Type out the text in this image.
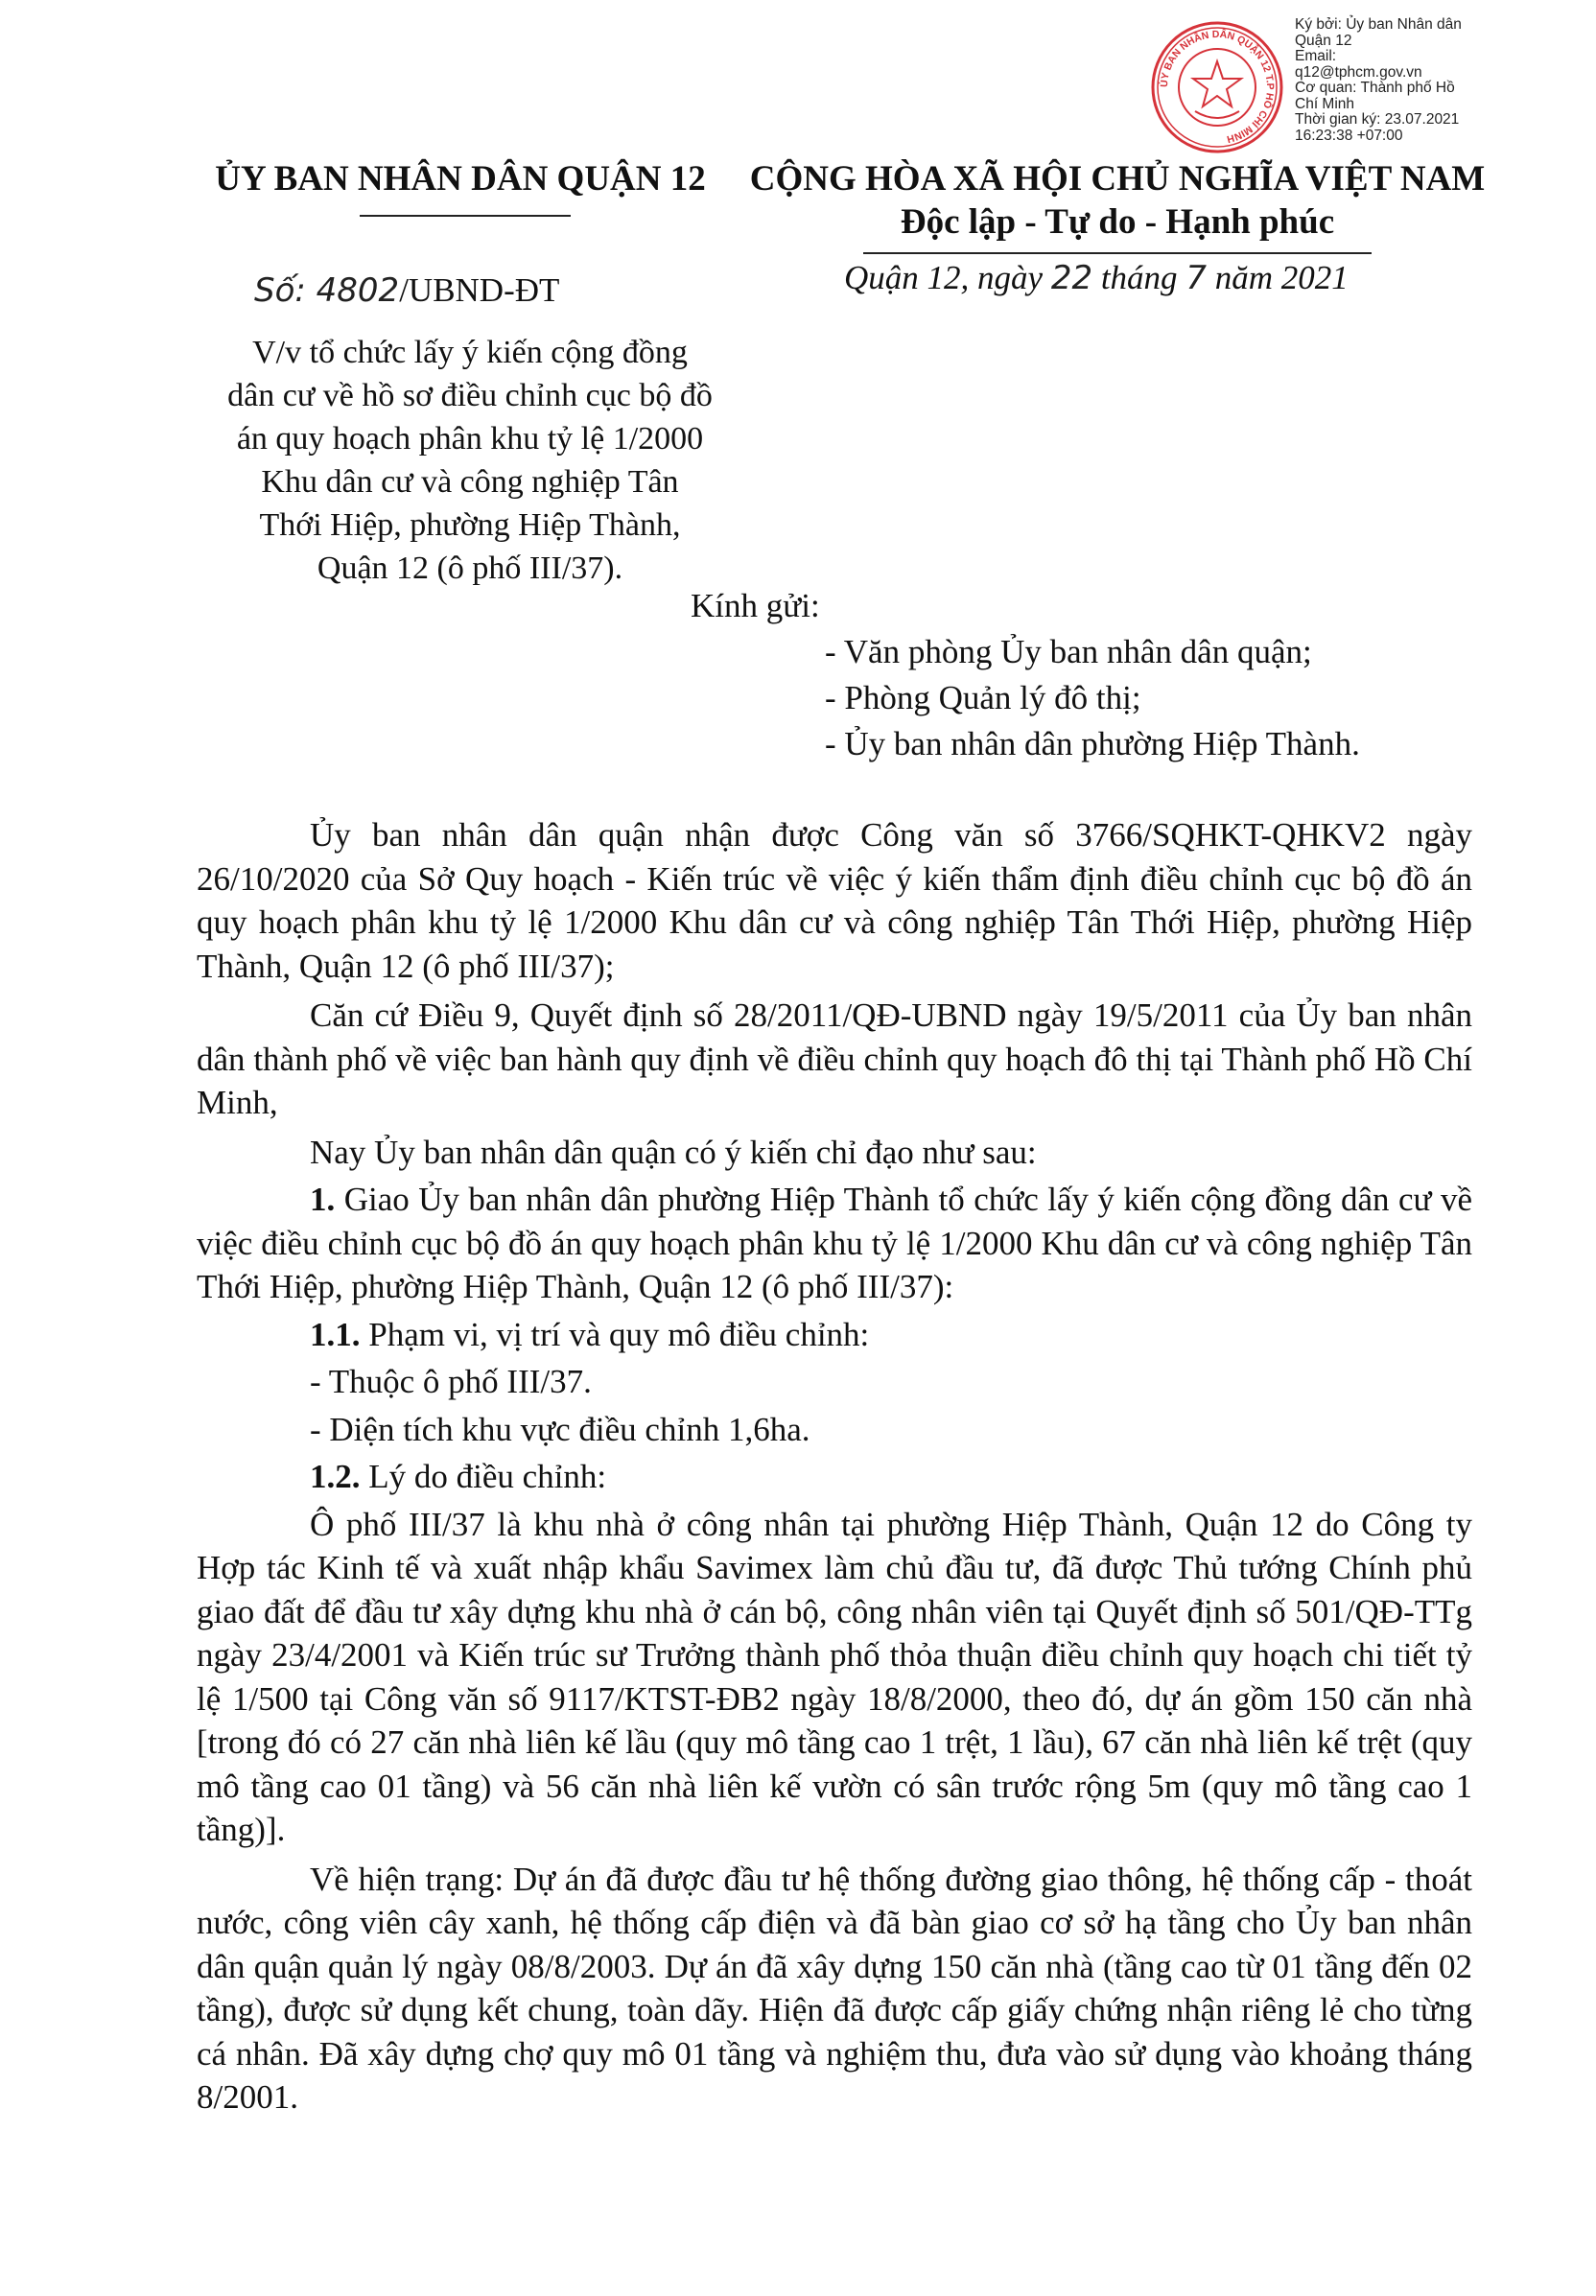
Ký bởi: Ủy ban Nhân dân
Quận 12
Email:
q12@tphcm.gov.vn
Cơ quan: Thành phố Hồ
Chí Minh
Thời gian ký: 23.07.2021
16:23:38 +07:00
ỦY BAN NHÂN DÂN QUẬN 12 T.P HỒ CHÍ MINH
ỦY BAN NHÂN DÂN QUẬN 12	CỘNG HÒA XÃ HỘI CHỦ NGHĨA VIỆT NAM
Độc lập - Tự do - Hạnh phúc
Số: 4802/UBND-ĐT	Quận 12, ngày 22 tháng 7 năm 2021
V/v tổ chức lấy ý kiến cộng đồng
dân cư về hồ sơ điều chỉnh cục bộ đồ
án quy hoạch phân khu tỷ lệ 1/2000
Khu dân cư và công nghiệp Tân
Thới Hiệp, phường Hiệp Thành,
Quận 12 (ô phố III/37).
Kính gửi:
- Văn phòng Ủy ban nhân dân quận;
- Phòng Quản lý đô thị;
- Ủy ban nhân dân phường Hiệp Thành.

Ủy ban nhân dân quận nhận được Công văn số 3766/SQHKT-QHKV2 ngày 26/10/2020 của Sở Quy hoạch - Kiến trúc về việc ý kiến thẩm định điều chỉnh cục bộ đồ án quy hoạch phân khu tỷ lệ 1/2000 Khu dân cư và công nghiệp Tân Thới Hiệp, phường Hiệp Thành, Quận 12 (ô phố III/37);

Căn cứ Điều 9, Quyết định số 28/2011/QĐ-UBND ngày 19/5/2011 của Ủy ban nhân dân thành phố về việc ban hành quy định về điều chỉnh quy hoạch đô thị tại Thành phố Hồ Chí Minh,

Nay Ủy ban nhân dân quận có ý kiến chỉ đạo như sau:

1. Giao Ủy ban nhân dân phường Hiệp Thành tổ chức lấy ý kiến cộng đồng dân cư về việc điều chỉnh cục bộ đồ án quy hoạch phân khu tỷ lệ 1/2000 Khu dân cư và công nghiệp Tân Thới Hiệp, phường Hiệp Thành, Quận 12 (ô phố III/37):

1.1. Phạm vi, vị trí và quy mô điều chỉnh:

- Thuộc ô phố III/37.

- Diện tích khu vực điều chỉnh 1,6ha.

1.2. Lý do điều chỉnh:

Ô phố III/37 là khu nhà ở công nhân tại phường Hiệp Thành, Quận 12 do Công ty Hợp tác Kinh tế và xuất nhập khẩu Savimex làm chủ đầu tư, đã được Thủ tướng Chính phủ giao đất để đầu tư xây dựng khu nhà ở cán bộ, công nhân viên tại Quyết định số 501/QĐ-TTg ngày 23/4/2001 và Kiến trúc sư Trưởng thành phố thỏa thuận điều chỉnh quy hoạch chi tiết tỷ lệ 1/500 tại Công văn số 9117/KTST-ĐB2 ngày 18/8/2000, theo đó, dự án gồm 150 căn nhà [trong đó có 27 căn nhà liên kế lầu (quy mô tầng cao 1 trệt, 1 lầu), 67 căn nhà liên kế trệt (quy mô tầng cao 01 tầng) và 56 căn nhà liên kế vườn có sân trước rộng 5m (quy mô tầng cao 1 tầng)].

Về hiện trạng: Dự án đã được đầu tư hệ thống đường giao thông, hệ thống cấp - thoát nước, công viên cây xanh, hệ thống cấp điện và đã bàn giao cơ sở hạ tầng cho Ủy ban nhân dân quận quản lý ngày 08/8/2003. Dự án đã xây dựng 150 căn nhà (tầng cao từ 01 tầng đến 02 tầng), được sử dụng kết chung, toàn dãy. Hiện đã được cấp giấy chứng nhận riêng lẻ cho từng cá nhân. Đã xây dựng chợ quy mô 01 tầng và nghiệm thu, đưa vào sử dụng vào khoảng tháng 8/2001.
